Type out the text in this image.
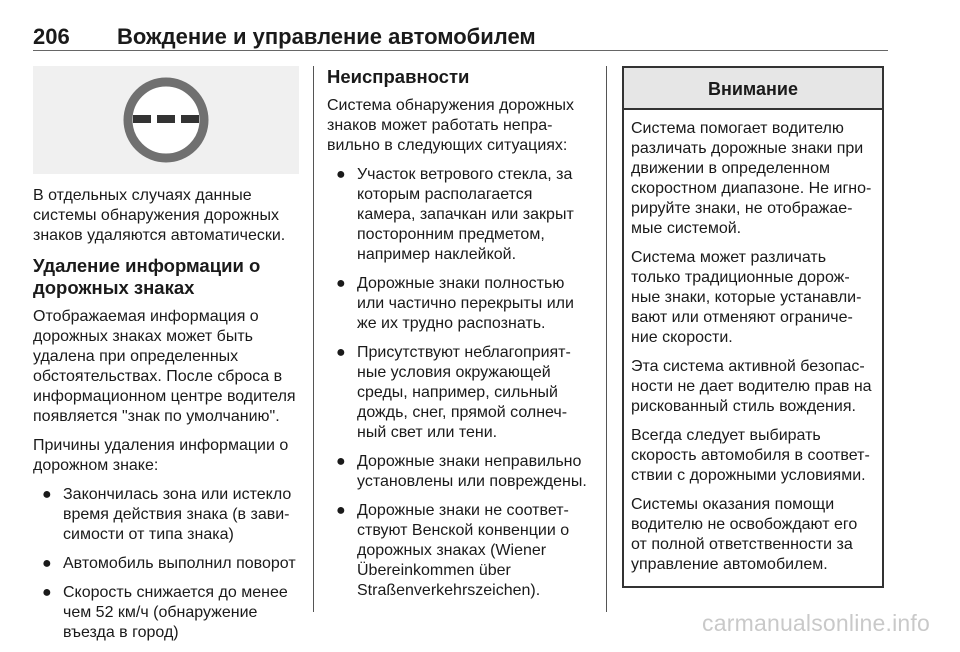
206 Вождение и управление автомобилем

В отдельных случаях данные системы обнаружения дорожных знаков удаляются автоматически.

Удаление информации о дорожных знаках

Отображаемая информация о дорожных знаках может быть удалена при определенных обстоятельствах. После сброса в информационном центре водителя появляется "знак по умолчанию".

Причины удаления информации о дорожном знаке:

● Закончилась зона или истекло время действия знака (в зави- симости от типа знака)
● Автомобиль выполнил поворот
● Скорость снижается до менее чем 52 км/ч (обнаружение въезда в город)
Неисправности

Система обнаружения дорожных знаков может работать непра- вильно в следующих ситуациях:

● Участок ветрового стекла, за которым располагается камера, запачкан или закрыт посторонним предметом, например наклейкой.
● Дорожные знаки полностью или частично перекрыты или же их трудно распознать.
● Присутствуют неблагоприят- ные условия окружающей среды, например, сильный дождь, снег, прямой солнеч- ный свет или тени.
● Дорожные знаки неправильно установлены или повреждены.
● Дорожные знаки не соответ- ствуют Венской конвенции о дорожных знаках (Wiener Übereinkommen über Straßenverkehrszeichen).
Внимание

Система помогает водителю различать дорожные знаки при движении в определенном скоростном диапазоне. Не игно- рируйте знаки, не отображае- мые системой.

Система может различать только традиционные дорож- ные знаки, которые устанавли- вают или отменяют ограниче- ние скорости.

Эта система активной безопас- ности не дает водителю прав на рискованный стиль вождения.

Всегда следует выбирать скорость автомобиля в соответ- ствии с дорожными условиями.

Системы оказания помощи водителю не освобождают его от полной ответственности за управление автомобилем.

carmanualsonline.info
